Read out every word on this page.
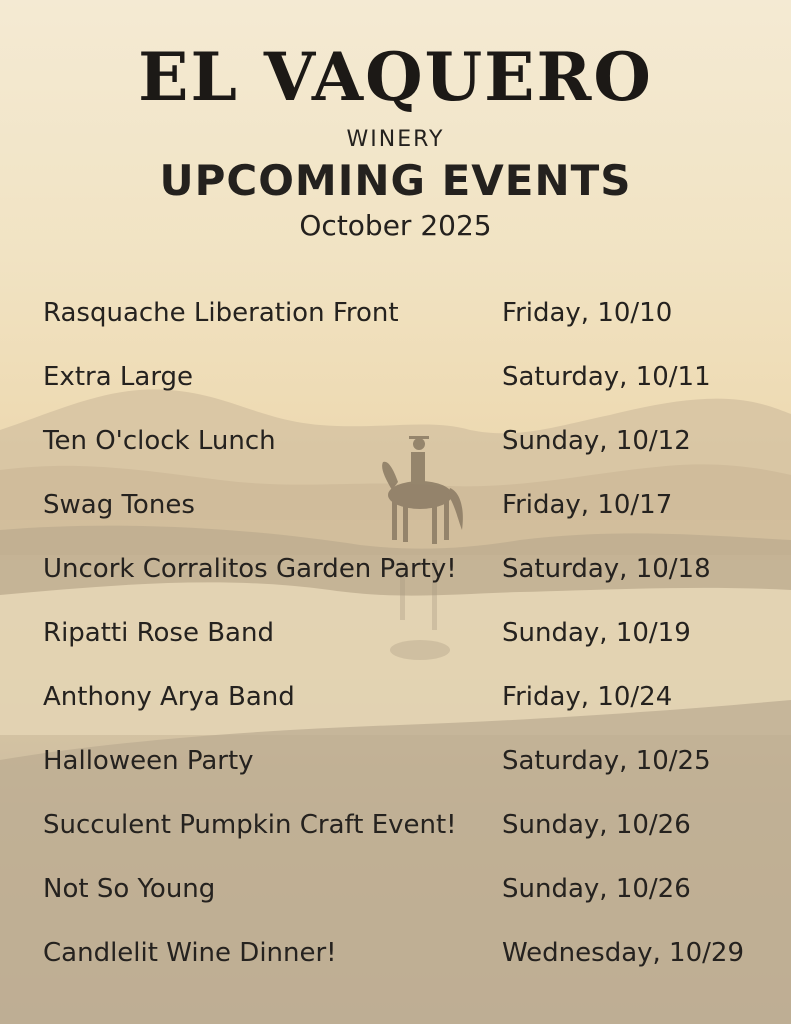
EL VAQUERO
WINERY
UPCOMING EVENTS
October 2025
Rasquache Liberation Front	Friday, 10/10
Extra Large	Saturday, 10/11
Ten O'clock Lunch	Sunday, 10/12
Swag Tones	Friday, 10/17
Uncork Corralitos Garden Party! Saturday, 10/18
Ripatti Rose Band	Sunday, 10/19
Anthony Arya Band	Friday, 10/24
Halloween Party	Saturday, 10/25
Succulent Pumpkin Craft Event! Sunday, 10/26
Not So Young	Sunday, 10/26
Candlelit Wine Dinner!	Wednesday, 10/29
